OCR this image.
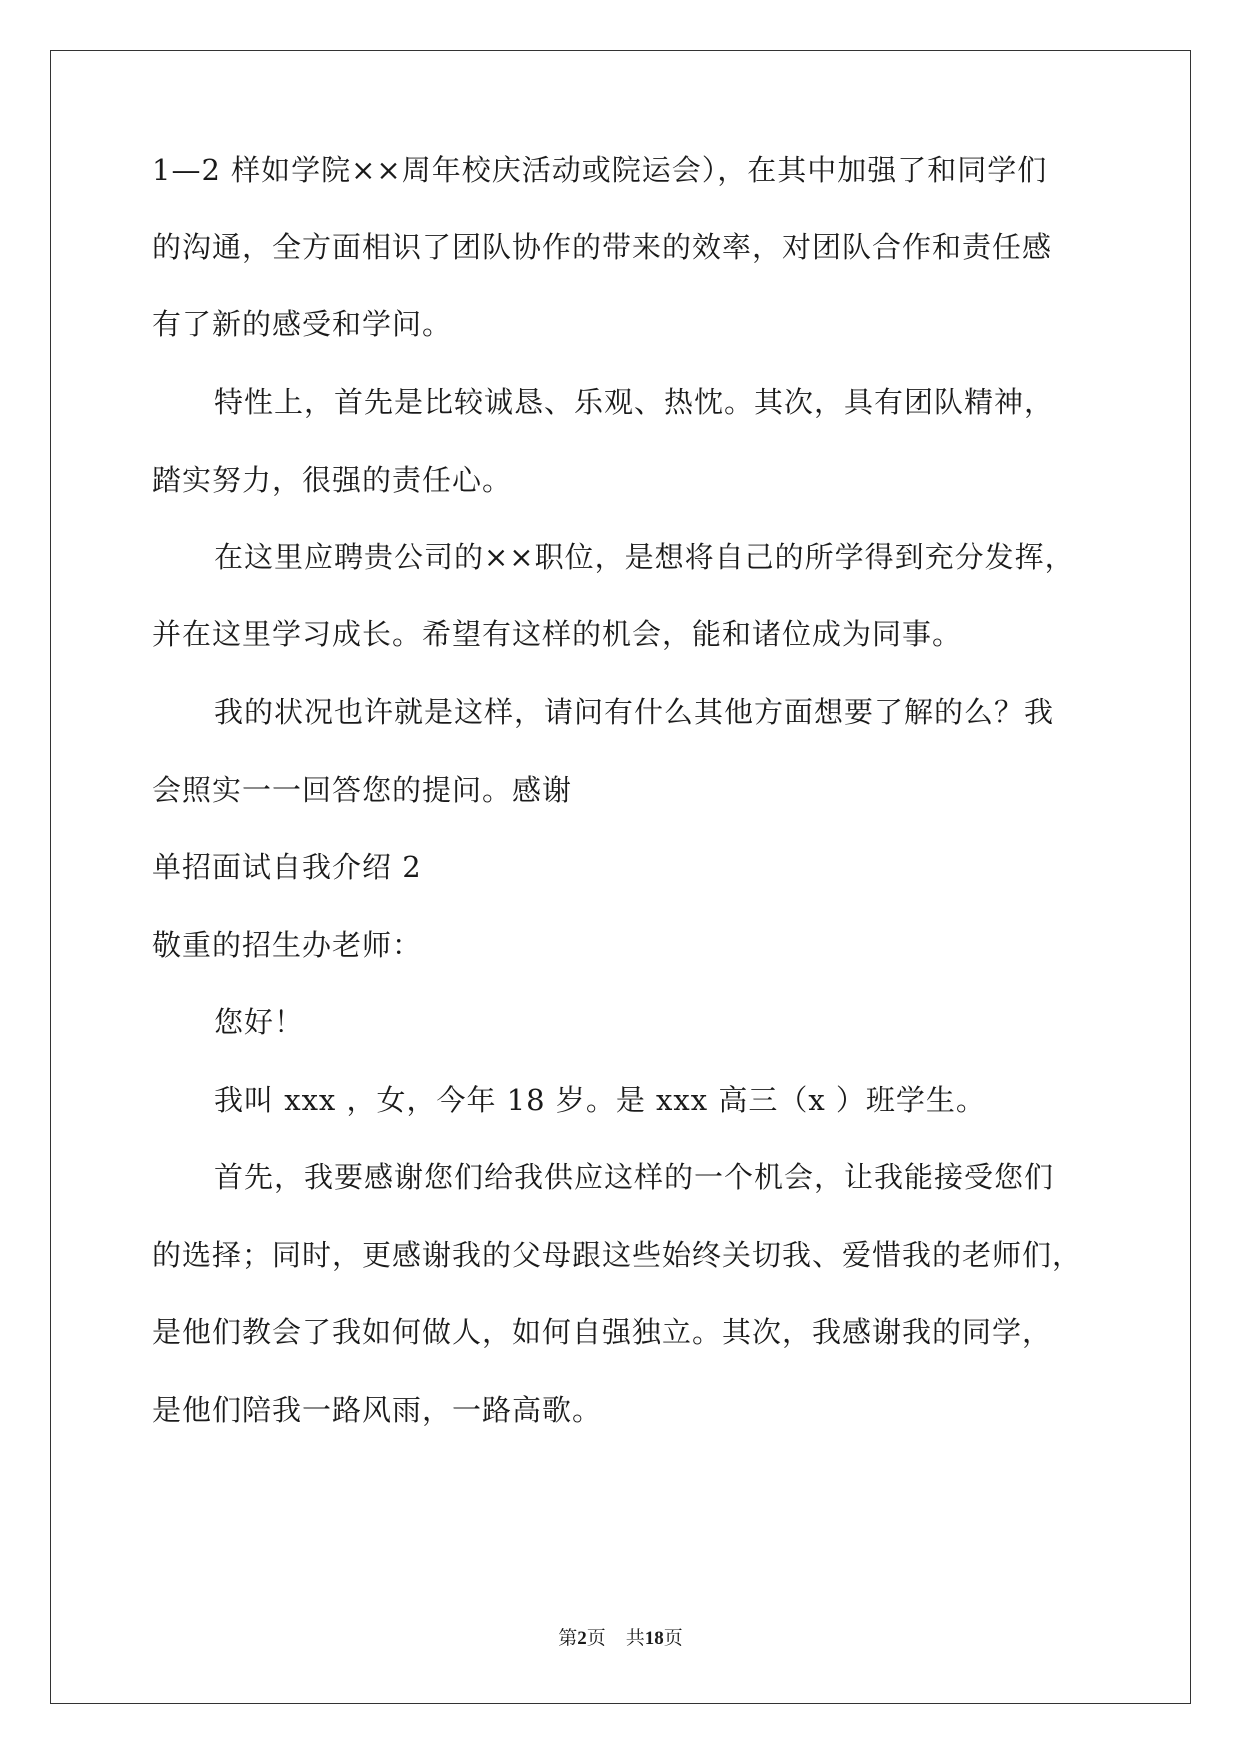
1—2 样如学院××周年校庆活动或院运会），在其中加强了和同学们
的沟通，全方面相识了团队协作的带来的效率，对团队合作和责任感
有了新的感受和学问。
特性上，首先是比较诚恳、乐观、热忱。其次，具有团队精神，
踏实努力，很强的责任心。
在这里应聘贵公司的××职位，是想将自己的所学得到充分发挥，
并在这里学习成长。希望有这样的机会，能和诸位成为同事。
我的状况也许就是这样，请问有什么其他方面想要了解的么？我
会照实一一回答您的提问。感谢
单招面试自我介绍 2
敬重的招生办老师：
您好！
我叫 xxx ，女，今年 18 岁。是 xxx 高三（x ）班学生。
首先，我要感谢您们给我供应这样的一个机会，让我能接受您们
的选择；同时，更感谢我的父母跟这些始终关切我、爱惜我的老师们，
是他们教会了我如何做人，如何自强独立。其次，我感谢我的同学，
是他们陪我一路风雨，一路高歌。
第2页 共18页
